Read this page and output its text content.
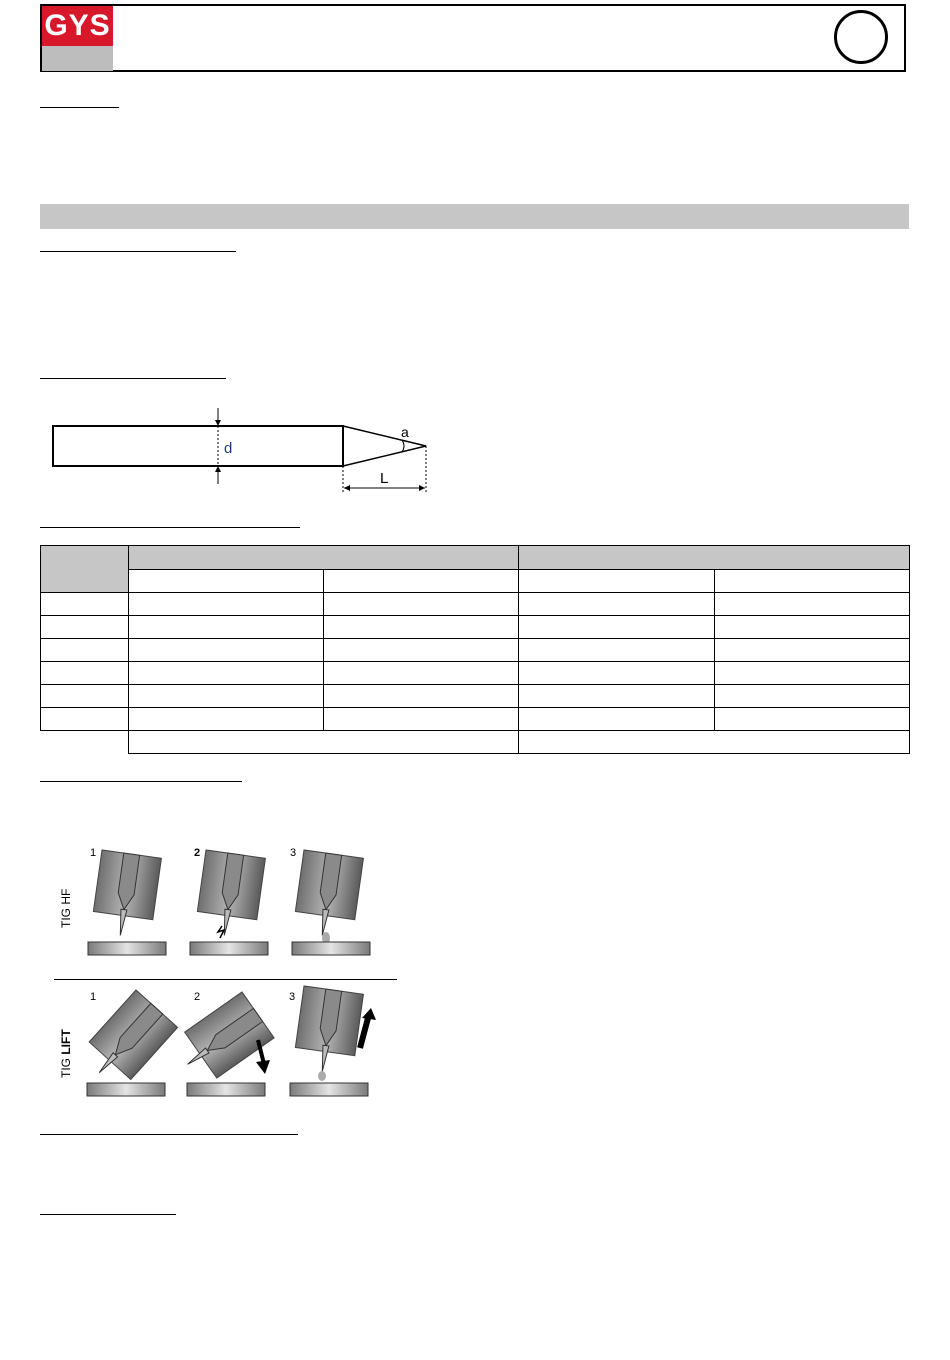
GYS
d
a
L

1	2	3
TIG HF
1	2	3
TIG LIFT
